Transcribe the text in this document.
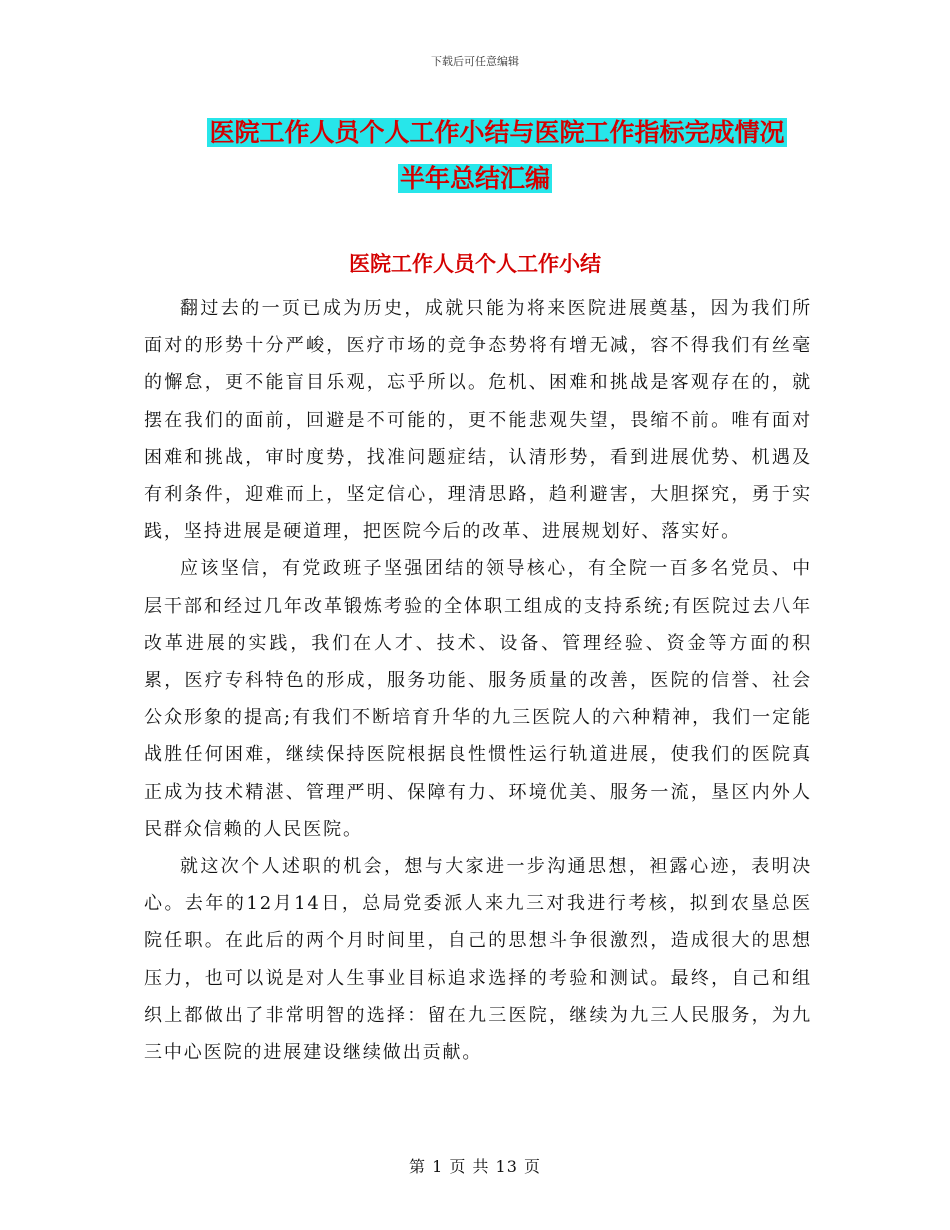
下载后可任意编辑
医院工作人员个人工作小结与医院工作指标完成情况
半年总结汇编
医院工作人员个人工作小结

翻过去的一页已成为历史，成就只能为将来医院进展奠基，因为我们所面对的形势十分严峻，医疗市场的竞争态势将有增无减，容不得我们有丝毫的懈怠，更不能盲目乐观，忘乎所以。危机、困难和挑战是客观存在的，就摆在我们的面前，回避是不可能的，更不能悲观失望，畏缩不前。唯有面对困难和挑战，审时度势，找准问题症结，认清形势，看到进展优势、机遇及有利条件，迎难而上，坚定信心，理清思路，趋利避害，大胆探究，勇于实践，坚持进展是硬道理，把医院今后的改革、进展规划好、落实好。

应该坚信，有党政班子坚强团结的领导核心，有全院一百多名党员、中层干部和经过几年改革锻炼考验的全体职工组成的支持系统;有医院过去八年改革进展的实践，我们在人才、技术、设备、管理经验、资金等方面的积累，医疗专科特色的形成，服务功能、服务质量的改善，医院的信誉、社会公众形象的提高;有我们不断培育升华的九三医院人的六种精神，我们一定能战胜任何困难，继续保持医院根据良性惯性运行轨道进展，使我们的医院真正成为技术精湛、管理严明、保障有力、环境优美、服务一流，垦区内外人民群众信赖的人民医院。

就这次个人述职的机会，想与大家进一步沟通思想，袒露心迹，表明决心。去年的12月14日，总局党委派人来九三对我进行考核，拟到农垦总医院任职。在此后的两个月时间里，自己的思想斗争很激烈，造成很大的思想压力，也可以说是对人生事业目标追求选择的考验和测试。最终，自己和组织上都做出了非常明智的选择：留在九三医院，继续为九三人民服务，为九三中心医院的进展建设继续做出贡献。

第 1 页 共 13 页
